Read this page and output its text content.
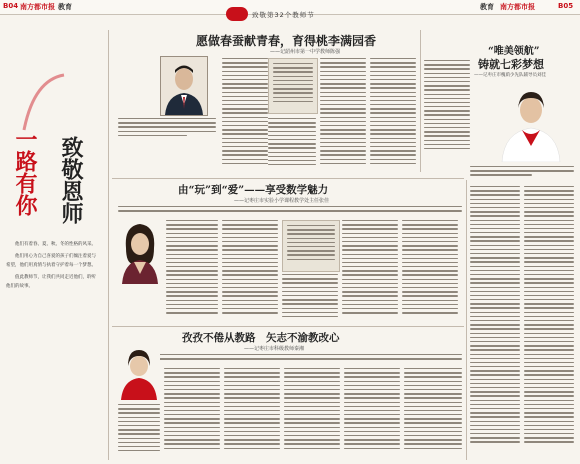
B04 南方都市报 教育	教育 南方都市报	B05
致敬第32个教师节
一路有你 致敬恩师

他们有着春、夏、秋、冬的性格的风采。

他们用心为自己喜爱的孩子们倾注着爱与希望，他们用真情与执着守护着每一个梦想。

值此教师节，让我们共同走近他们，聆听他们的故事。

愿做春蚕献青春，育得桃李满园香
——记韶州市第一中学教师陈强	“唯美领航”
铸就七彩梦想
——记枣庄市槐荫少先队辅导员刘佳
由“玩”到“爱”——享受数学魅力
——记枣庄市实验小学课程教学处主任张佳
孜孜不倦从教路　矢志不渝教改心
——记枣庄市科级教师秦湘
